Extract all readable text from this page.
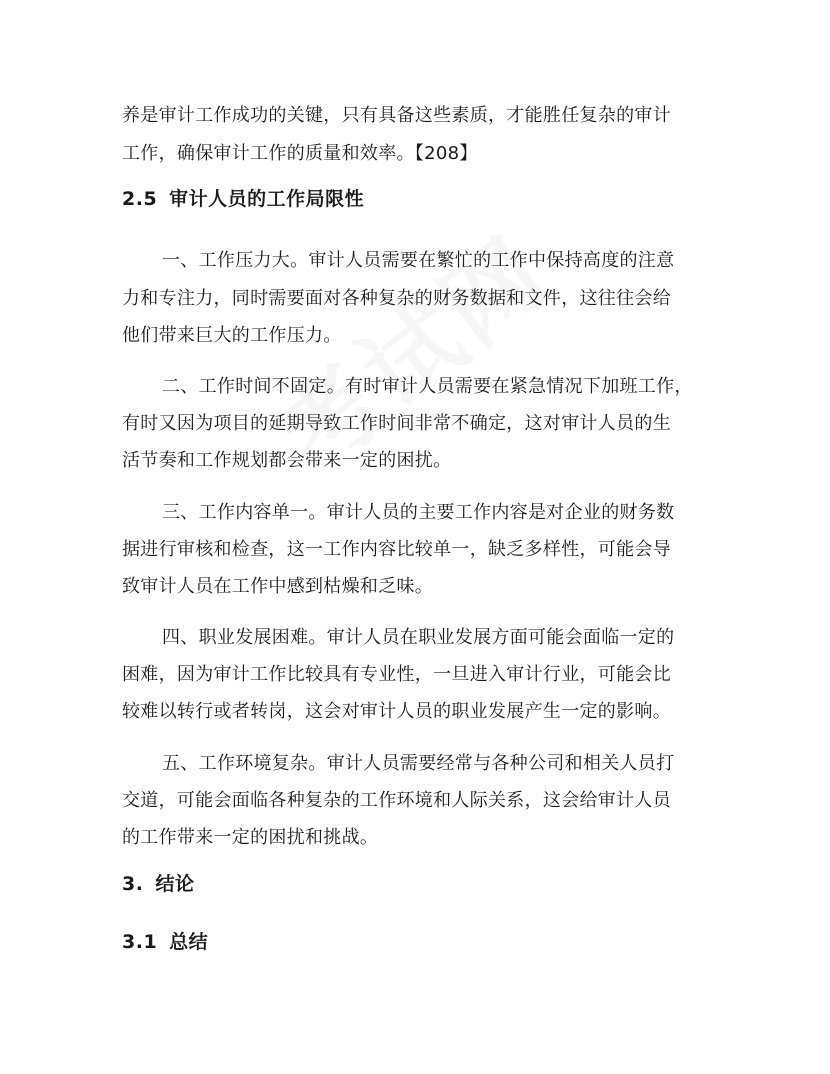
养是审计工作成功的关键，只有具备这些素质，才能胜任复杂的审计
工作，确保审计工作的质量和效率。【208】
2.5 审计人员的工作局限性
一、工作压力大。审计人员需要在繁忙的工作中保持高度的注意
力和专注力，同时需要面对各种复杂的财务数据和文件，这往往会给
他们带来巨大的工作压力。
二、工作时间不固定。有时审计人员需要在紧急情况下加班工作，
有时又因为项目的延期导致工作时间非常不确定，这对审计人员的生
活节奏和工作规划都会带来一定的困扰。
三、工作内容单一。审计人员的主要工作内容是对企业的财务数
据进行审核和检查，这一工作内容比较单一，缺乏多样性，可能会导
致审计人员在工作中感到枯燥和乏味。
四、职业发展困难。审计人员在职业发展方面可能会面临一定的
困难，因为审计工作比较具有专业性，一旦进入审计行业，可能会比
较难以转行或者转岗，这会对审计人员的职业发展产生一定的影响。
五、工作环境复杂。审计人员需要经常与各种公司和相关人员打
交道，可能会面临各种复杂的工作环境和人际关系，这会给审计人员
的工作带来一定的困扰和挑战。
3. 结论
3.1 总结
